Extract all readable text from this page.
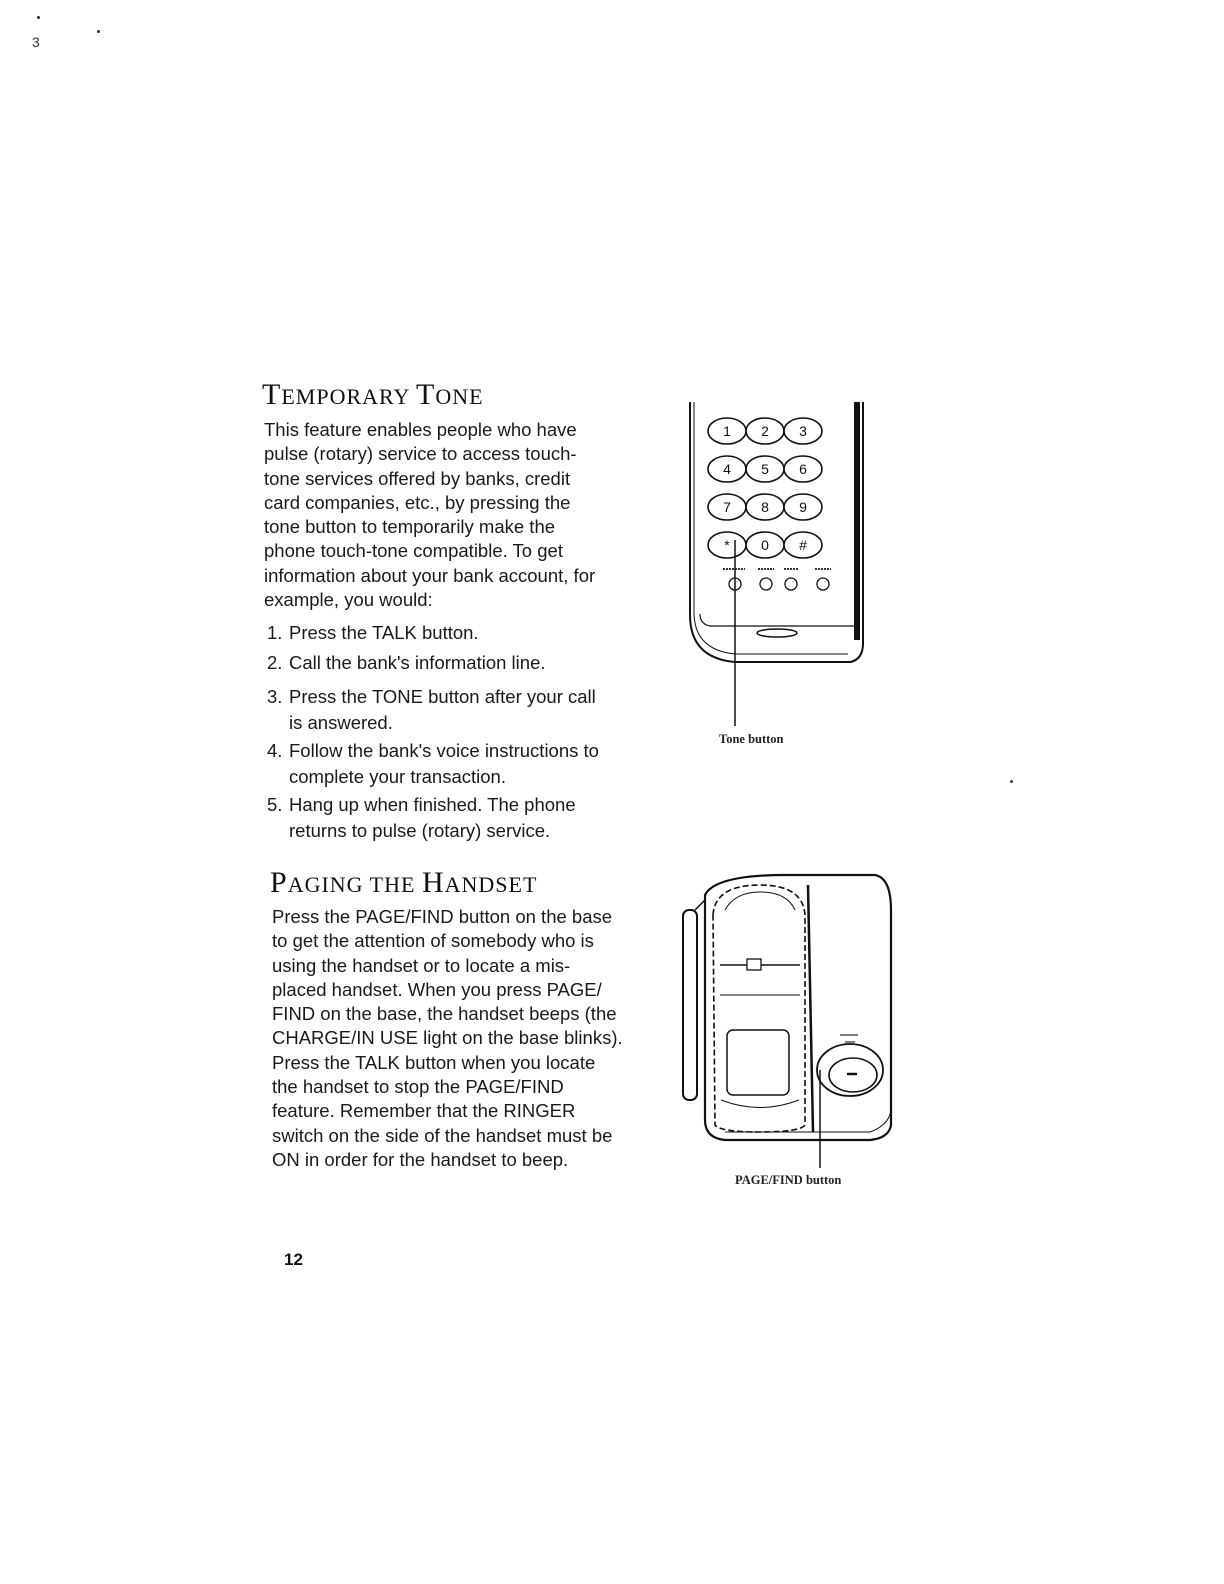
3
TEMPORARY TONE
This feature enables people who have
pulse (rotary) service to access touch-
tone services offered by banks, credit
card companies, etc., by pressing the
tone button to temporarily make the
phone touch-tone compatible. To get
information about your bank account, for
example, you would:
1. Press the TALK button.
2. Call the bank's information line.
3. Press the TONE button after your call
is answered.
4. Follow the bank's voice instructions to
complete your transaction.
5. Hang up when finished. The phone
returns to pulse (rotary) service.
1 2 3
4 5 6
7 8 9
* 0 #
Tone button
PAGING THE HANDSET
Press the PAGE/FIND button on the base
to get the attention of somebody who is
using the handset or to locate a mis-
placed handset. When you press PAGE/
FIND on the base, the handset beeps (the
CHARGE/IN USE light on the base blinks).
Press the TALK button when you locate
the handset to stop the PAGE/FIND
feature. Remember that the RINGER
switch on the side of the handset must be
ON in order for the handset to beep.
PAGE/FIND button
12
